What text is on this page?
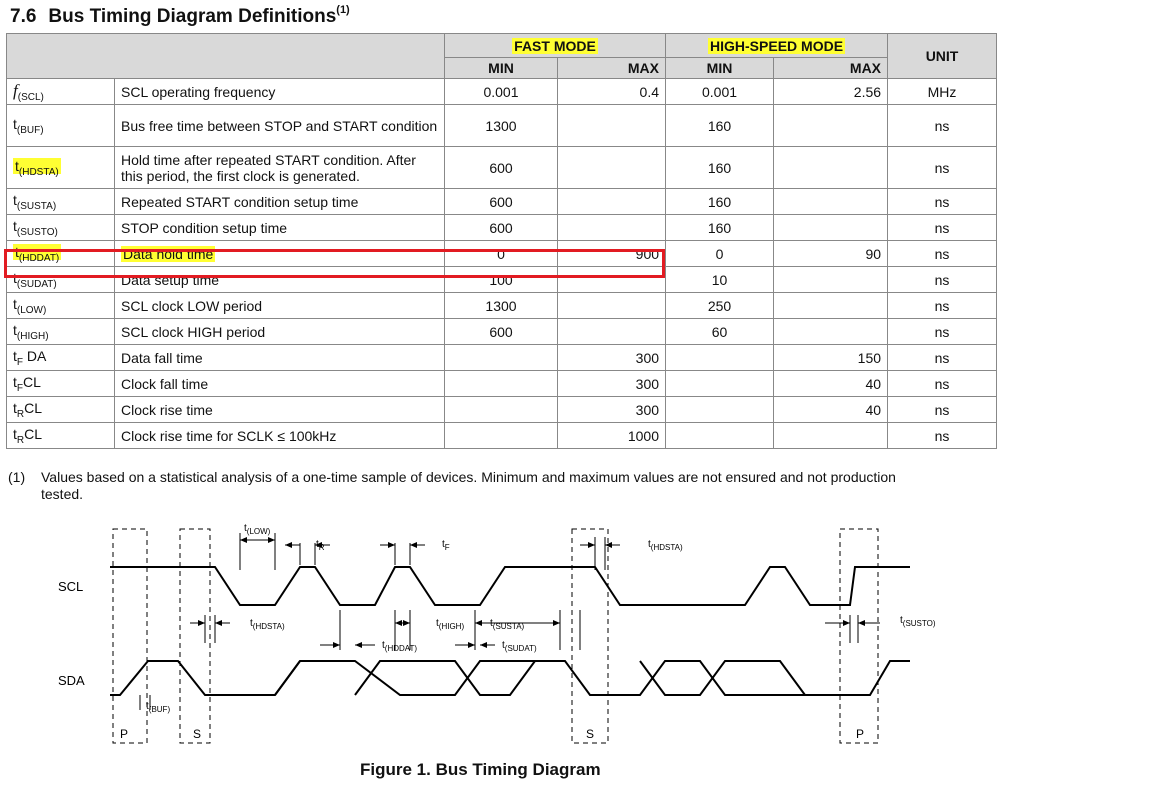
7.6 Bus Timing Diagram Definitions$^{(1)}$
		FAST MODE		HIGH-SPEED MODE		UNIT
		MIN	MAX	MIN	MAX	
$f_{(SCL)}$	SCL operating frequency	0.001	0.4	0.001	2.56	MHz
$t_{(BUF)}$	Bus free time between STOP and START condition	1300		160		ns
$t_{(HDSTA)}$	Hold time after repeated START condition. After this period, the first clock is generated.	600		160		ns
$t_{(SUSTA)}$	Repeated START condition setup time	600		160		ns
$t_{(SUSTO)}$	STOP condition setup time	600		160		ns
$t_{(HDDAT)}$	Data hold time	0	900	0	90	ns
$t_{(SUDAT)}$	Data setup time	100		10		ns
$t_{(LOW)}$	SCL clock LOW period	1300		250		ns
$t_{(HIGH)}$	SCL clock HIGH period	600		60		ns
$t_F$ DA	Data fall time		300		150	ns
$t_FCL$	Clock fall time		300		40	ns
$t_RCL$	Clock rise time		300		40	ns
$t_RCL$	Clock rise time for SCLK ≤ 100kHz		1000			ns
(1) Values based on a statistical analysis of a one-time sample of devices. Minimum and maximum values are not ensured and not production tested.
SCL
SDA
P	S	S	P
$t_{(LOW)}$
$t_R$	$t_F$	$t_{(HDSTA)}$
$t_{(HDSTA)}$	$t_{(HIGH)}$	$t_{(SUSTA)}$
$t_{(HDDAT)}$	$t_{(SUDAT)}$
$t_{(BUF)}$
$t_{(SUSTO)}$
Figure 1. Bus Timing Diagram
